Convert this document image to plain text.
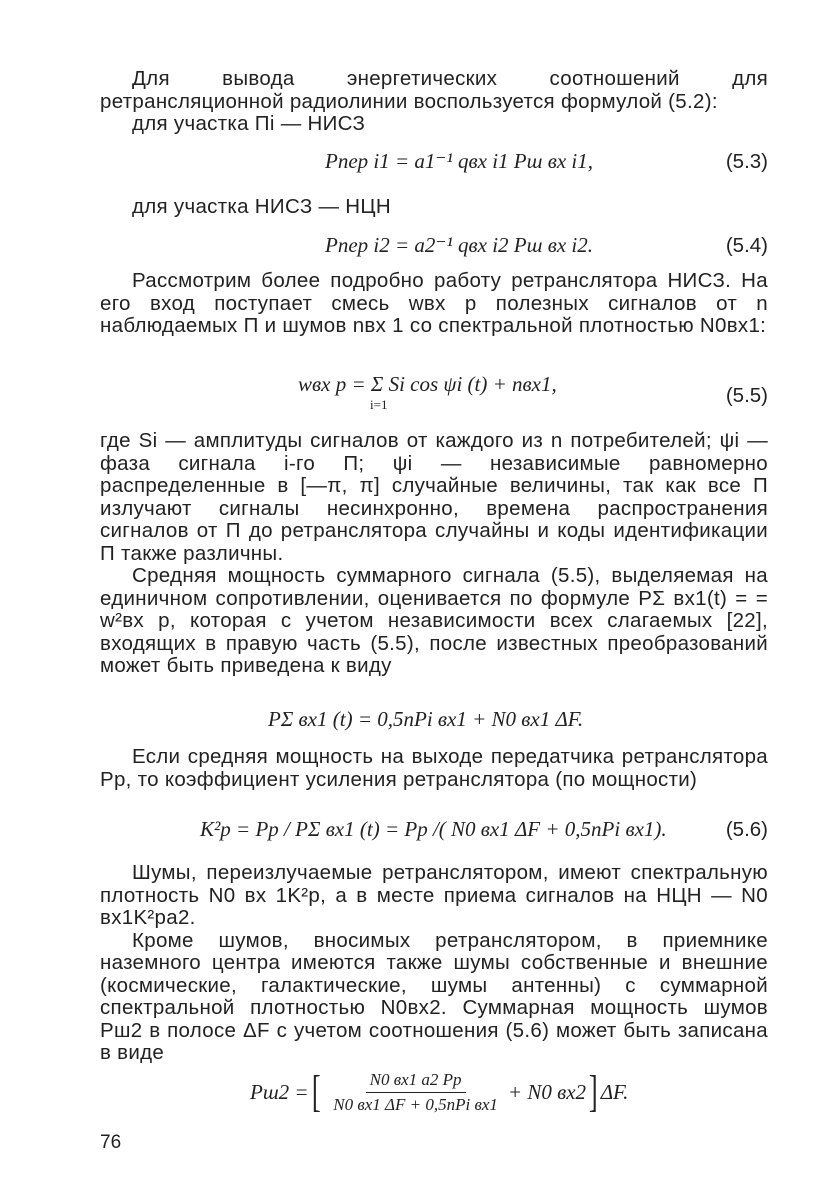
Для вывода энергетических соотношений для ретрансляционной радиолинии воспользуется формулой (5.2):

для участка Пi — НИСЗ

Pпер i1 = a1⁻¹ qвх i1 Pш вх i1,	(5.3)

для участка НИСЗ — НЦН

Pпер i2 = a2⁻¹ qвх i2 Pш вх i2.	(5.4)

Рассмотрим более подробно работу ретранслятора НИСЗ. На его вход поступает смесь wвх р полезных сигналов от n наблюдаемых П и шумов nвх 1 со спектральной плотностью N0вх1:

wвх р = Σ Si cos ψi (t) + nвх1,
i=1	(5.5)

где Si — амплитуды сигналов от каждого из n потребителей; ψi — фаза сигнала i-го П; ψi — независимые равномерно распределенные в [—π, π] случайные величины, так как все П излучают сигналы несинхронно, времена распространения сигналов от П до ретранслятора случайны и коды идентификации П также различны.

Средняя мощность суммарного сигнала (5.5), выделяемая на единичном сопротивлении, оценивается по формуле PΣ вх1(t) = = w²вх р, которая с учетом независимости всех слагаемых [22], входящих в правую часть (5.5), после известных преобразований может быть приведена к виду

PΣ вх1 (t) = 0,5nPi вх1 + N0 вх1 ΔF.

Если средняя мощность на выходе передатчика ретранслятора Pр, то коэффициент усиления ретранслятора (по мощности)

K²р = Pр / PΣ вх1 (t) = Pр /( N0 вх1 ΔF + 0,5nPi вх1).	(5.6)

Шумы, переизлучаемые ретранслятором, имеют спектральную плотность N0 вх 1K²р, а в месте приема сигналов на НЦН — N0 вх1K²рa2.

Кроме шумов, вносимых ретранслятором, в приемнике наземного центра имеются также шумы собственные и внешние (космические, галактические, шумы антенны) с суммарной спектральной плотностью N0вх2. Суммарная мощность шумов Pш2 в полосе ΔF с учетом соотношения (5.6) может быть записана в виде

Pш2 = [ $\frac{N0 вх1 a2 Pр}{\text{N0 вх1 ΔF + 0,5nPi вх1}} + N0$ вх2 ] ΔF.
76
